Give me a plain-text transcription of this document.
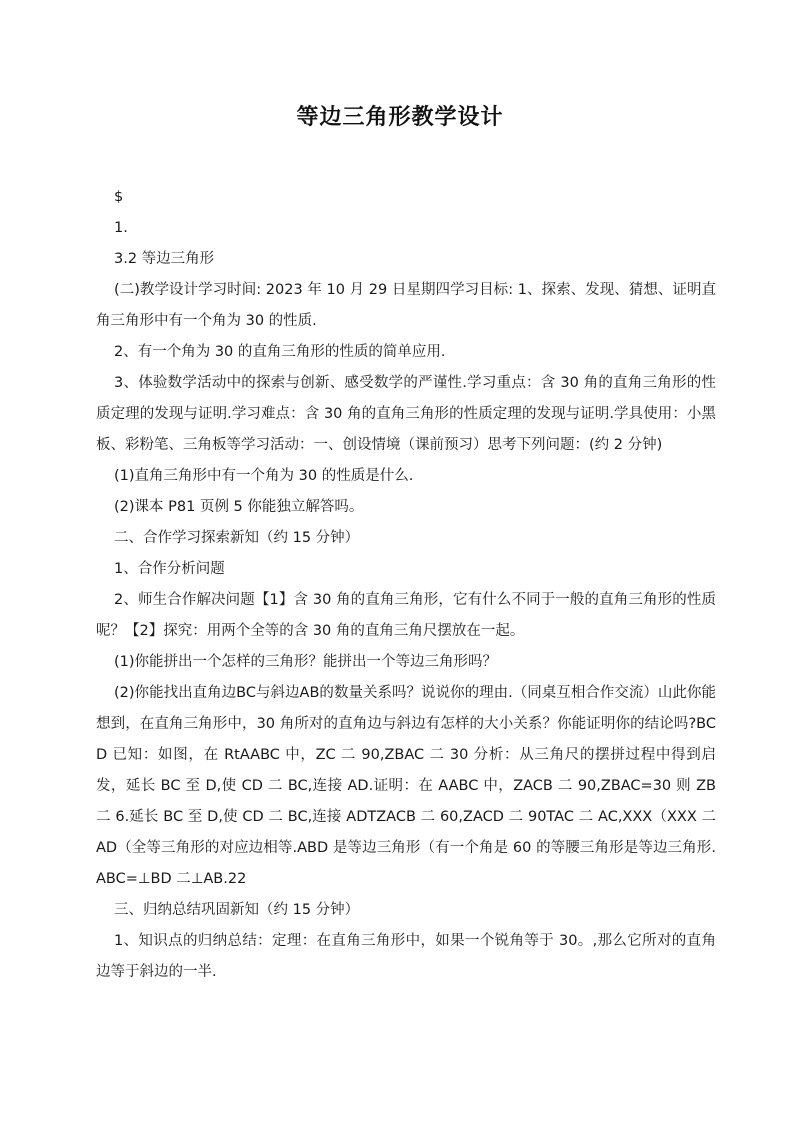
等边三角形教学设计

$

1.

3.2 等边三角形

(二)教学设计学习时间: 2023 年 10 月 29 日星期四学习目标: 1、探索、发现、猜想、证明直角三角形中有一个角为 30 的性质.

2、有一个角为 30 的直角三角形的性质的简单应用.

3、体验数学活动中的探索与创新、感受数学的严谨性.学习重点：含 30 角的直角三角形的性质定理的发现与证明.学习难点：含 30 角的直角三角形的性质定理的发现与证明.学具使用：小黑板、彩粉笔、三角板等学习活动：一、创设情境（课前预习）思考下列问题：(约 2 分钟)

(1)直角三角形中有一个角为 30 的性质是什么.

(2)课本 P81 页例 5 你能独立解答吗。

二、合作学习探索新知（约 15 分钟）

1、合作分析问题

2、师生合作解决问题【1】含 30 角的直角三角形，它有什么不同于一般的直角三角形的性质呢？【2】探究：用两个全等的含 30 角的直角三角尺摆放在一起。

(1)你能拼出一个怎样的三角形？能拼出一个等边三角形吗？

(2)你能找出直角边BC与斜边AB的数量关系吗？说说你的理由.（同桌互相合作交流）山此你能想到，在直角三角形中，30 角所对的直角边与斜边有怎样的大小关系？你能证明你的结论吗?BCD 已知：如图，在 RtAABC 中，ZC 二 90,ZBAC 二 30 分析：从三角尺的摆拼过程中得到启发，延长 BC 至 D,使 CD 二 BC,连接 AD.证明：在 AABC 中，ZACB 二 90,ZBAC=30 则 ZB 二 6.延长 BC 至 D,使 CD 二 BC,连接 ADTZACB 二 60,ZACD 二 90TAC 二 AC,XXX（XXX 二 AD（全等三角形的对应边相等.ABD 是等边三角形（有一个角是 60 的等腰三角形是等边三角形.ABC=⊥BD 二⊥AB.22

三、归纳总结巩固新知（约 15 分钟）

1、知识点的归纳总结：定理：在直角三角形中，如果一个锐角等于 30。,那么它所对的直角边等于斜边的一半.
